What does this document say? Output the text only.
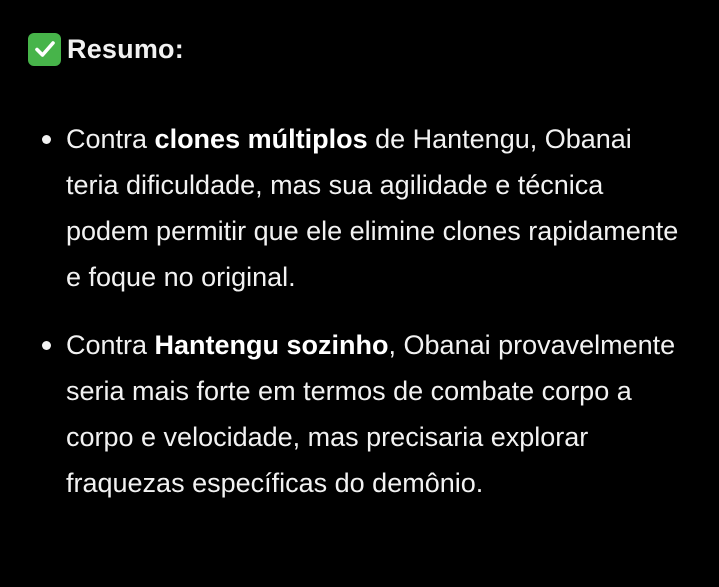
Resumo:
Contra clones múltiplos de Hantengu, Obanai teria dificuldade, mas sua agilidade e técnica podem permitir que ele elimine clones rapidamente e foque no original.
Contra Hantengu sozinho, Obanai provavelmente seria mais forte em termos de combate corpo a corpo e velocidade, mas precisaria explorar fraquezas específicas do demônio.
